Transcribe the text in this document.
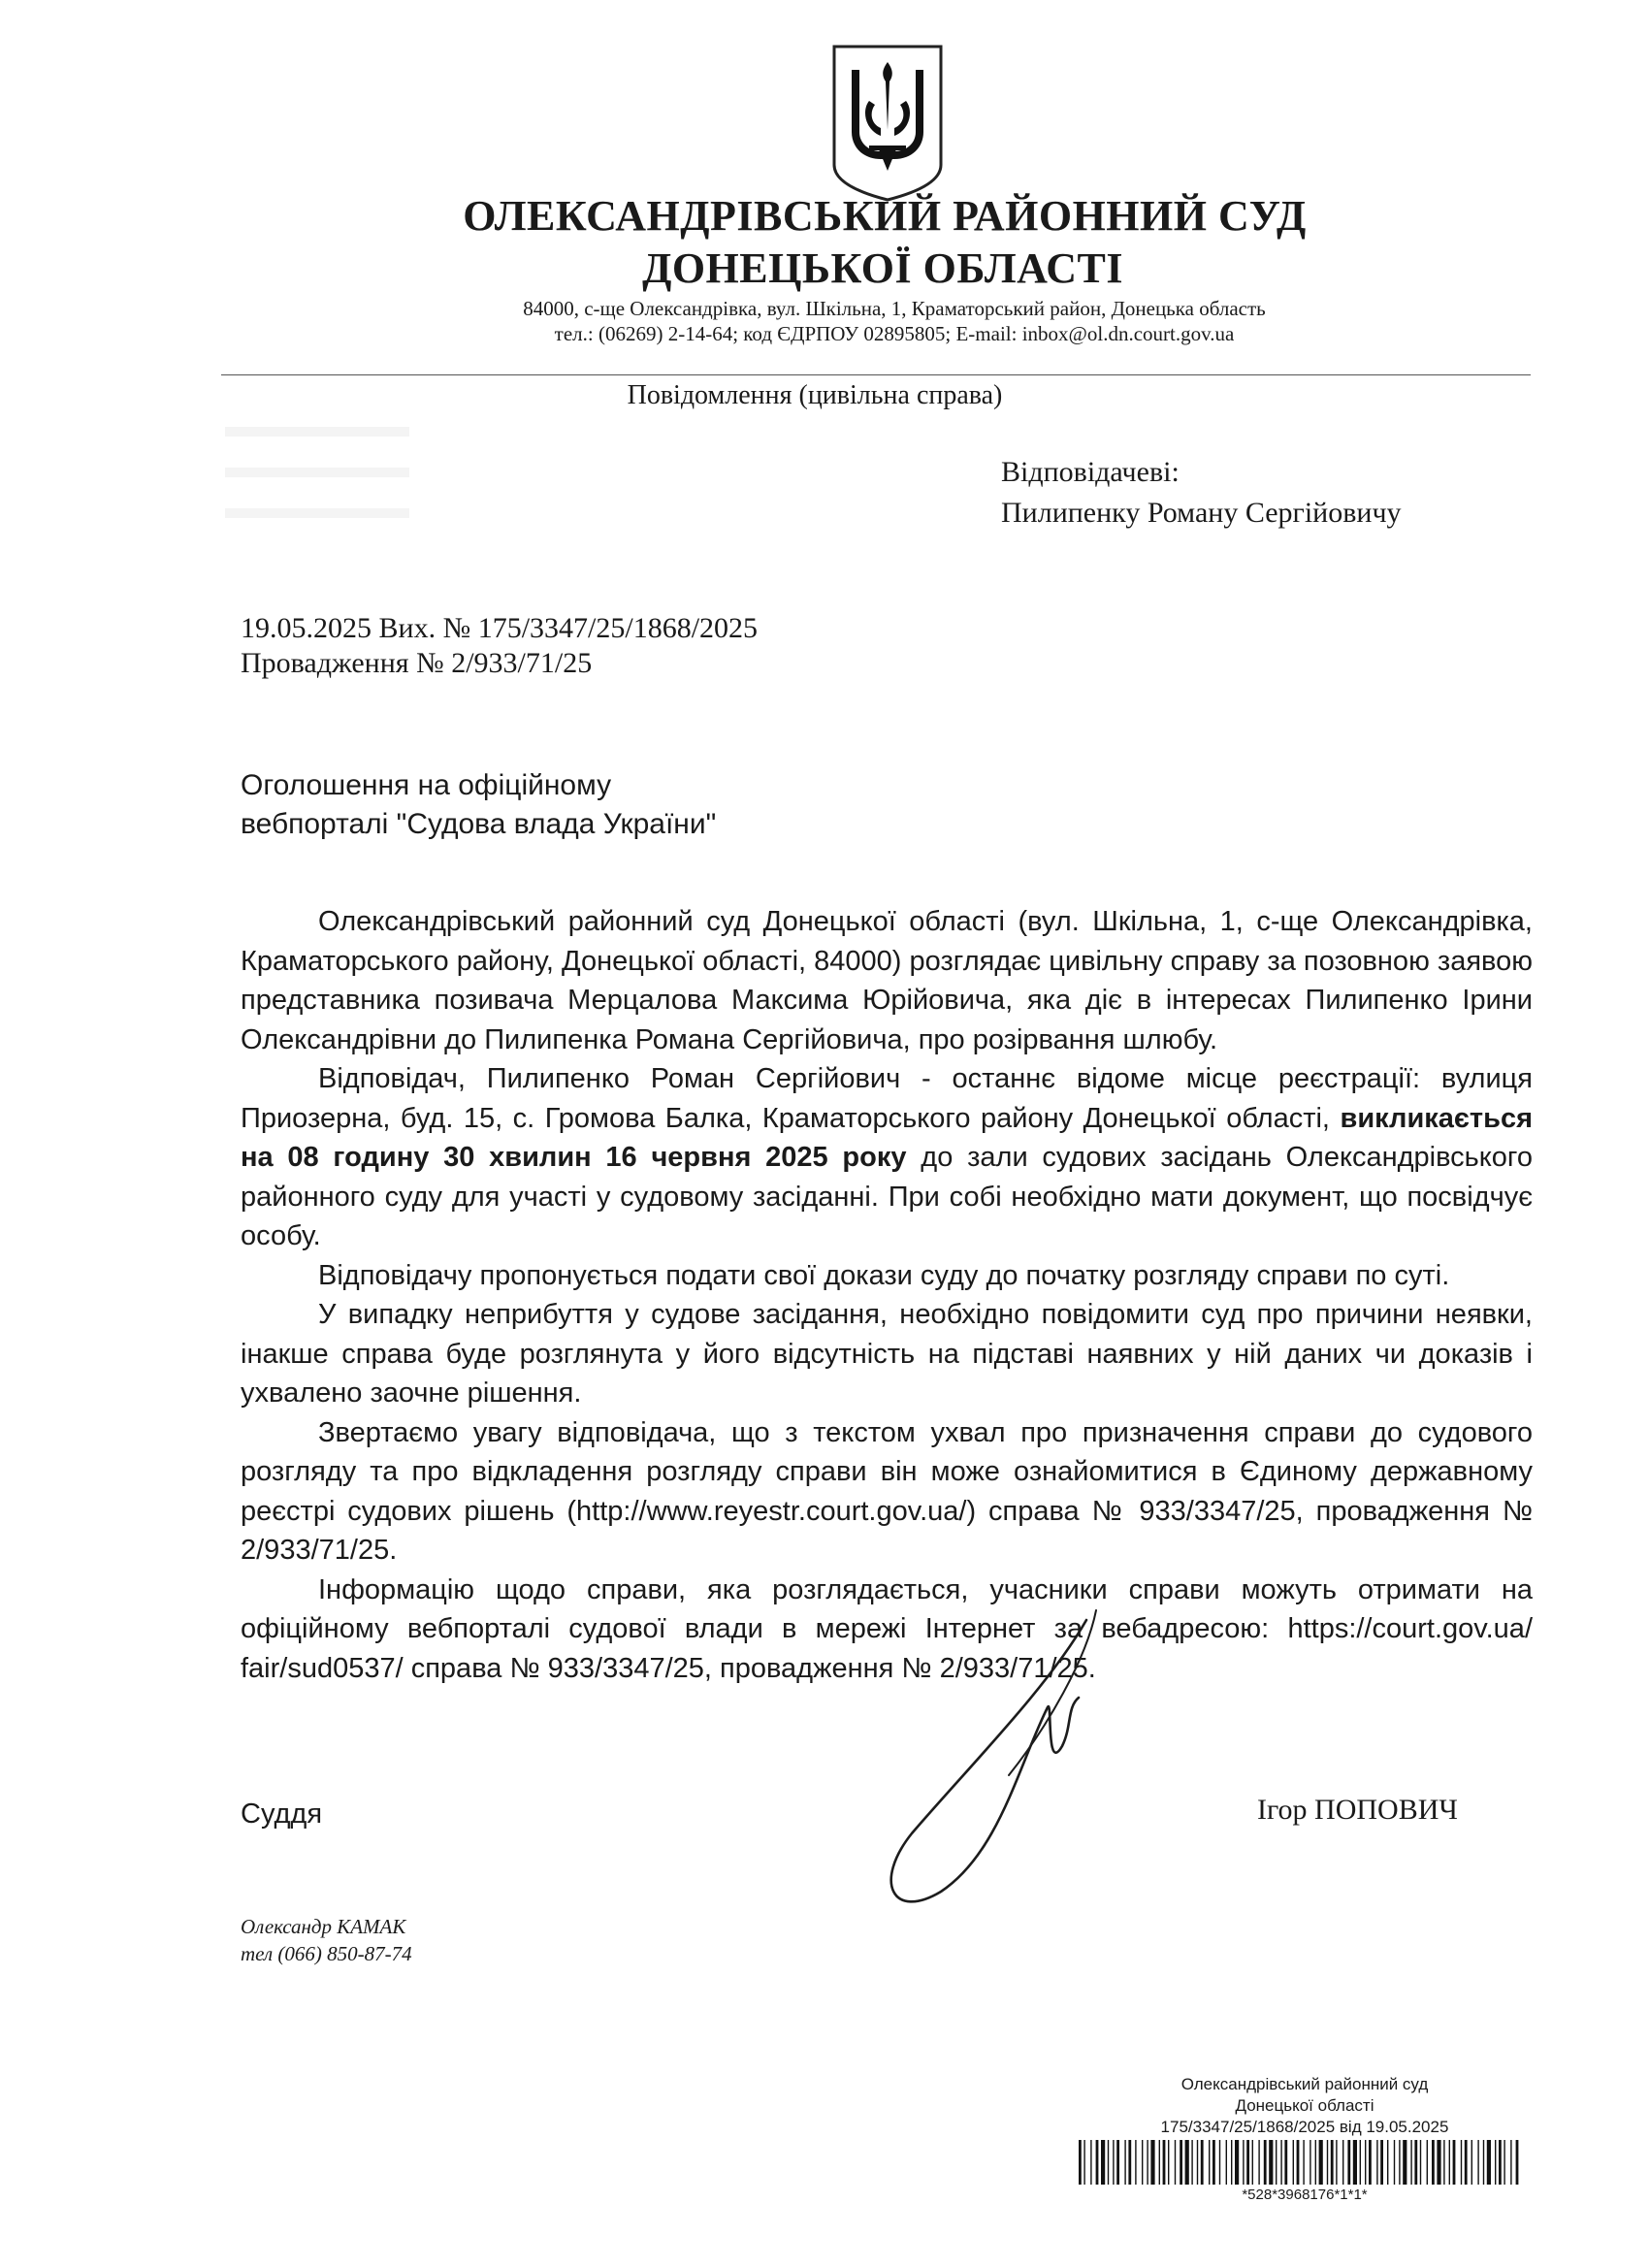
ОЛЕКСАНДРІВСЬКИЙ РАЙОННИЙ СУД
ДОНЕЦЬКОЇ ОБЛАСТІ
84000, с-ще Олександрівка, вул. Шкільна, 1, Краматорський район, Донецька область
тел.: (06269) 2-14-64; код ЄДРПОУ 02895805; E-mail: inbox@ol.dn.court.gov.ua
Повідомлення (цивільна справа)
Відповідачеві:
Пилипенку Роману Сергійовичу
19.05.2025 Вих. № 175/3347/25/1868/2025
Провадження № 2/933/71/25
Оголошення на офіційному
вебпорталі "Судова влада України"

Олександрівський районний суд Донецької області (вул. Шкільна, 1, с-ще Олександрівка, Краматорського району, Донецької області, 84000) розглядає цивільну справу за позовною заявою представника позивача Мерцалова Максима Юрійовича, яка діє в інтересах Пилипенко Ірини Олександрівни до Пилипенка Романа Сергійовича, про розірвання шлюбу.

Відповідач, Пилипенко Роман Сергійович - останнє відоме місце реєстрації: вулиця Приозерна, буд. 15, с. Громова Балка, Краматорського району Донецької області, викликається на 08 годину 30 хвилин 16 червня 2025 року до зали судових засідань Олександрівського районного суду для участі у судовому засіданні. При собі необхідно мати документ, що посвідчує особу.

Відповідачу пропонується подати свої докази суду до початку розгляду справи по суті.

У випадку неприбуття у судове засідання, необхідно повідомити суд про причини неявки, інакше справа буде розглянута у його відсутність на підставі наявних у ній даних чи доказів і ухвалено заочне рішення.

Звертаємо увагу відповідача, що з текстом ухвал про призначення справи до судового розгляду та про відкладення розгляду справи він може ознайомитися в Єдиному державному реєстрі судових рішень (http://www.reyestr.court.gov.ua/) справа № 933/3347/25, провадження № 2/933/71/25.

Інформацію щодо справи, яка розглядається, учасники справи можуть отримати на офіційному вебпорталі судової влади в мережі Інтернет за вебадресою: https://court.gov.ua/ fair/sud0537/ справа № 933/3347/25, провадження № 2/933/71/25.

Суддя	Ігор ПОПОВИЧ
Олександр КАМАК
тел (066) 850-87-74
Олександрівський районний суд
Донецької області
175/3347/25/1868/2025 від 19.05.2025
*528*3968176*1*1*
